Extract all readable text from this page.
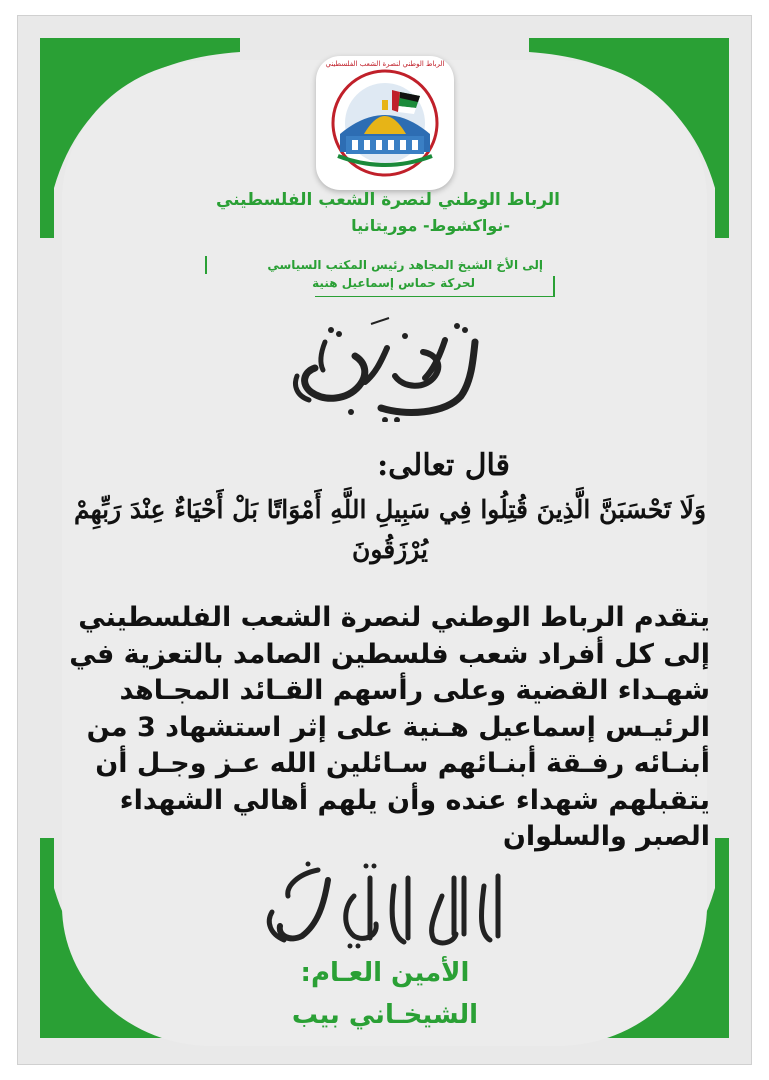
الرباط الوطني لنصرة الشعب الفلسطيني
الرباط الوطني لنصرة الشعب الفلسطيني
-نواكشوط- موريتانيا
إلى الأخ الشيخ المجاهد رئيس المكتب السياسي
لحركة حماس إسماعيل هنية
قال تعالى:
وَلَا تَحْسَبَنَّ الَّذِينَ قُتِلُوا فِي سَبِيلِ اللَّهِ أَمْوَاتًا بَلْ أَحْيَاءٌ عِنْدَ رَبِّهِمْ يُرْزَقُونَ
يتقدم الرباط الوطني لنصرة الشعب الفلسطيني
إلى كل أفراد شعب فلسطين الصامد بالتعزية في
شهـداء القضية وعلى رأسهم القـائد المجـاهد
الرئيـس إسماعيل هـنية على إثر استشهاد 3 من
أبنـائه رفـقة أبنـائهم سـائلين الله عـز وجـل أن
يتقبلهم شهداء عنده وأن يلهم أهالي الشهداء
الصبر والسلوان
الأمين العـام:
الشيخـاني بيب
